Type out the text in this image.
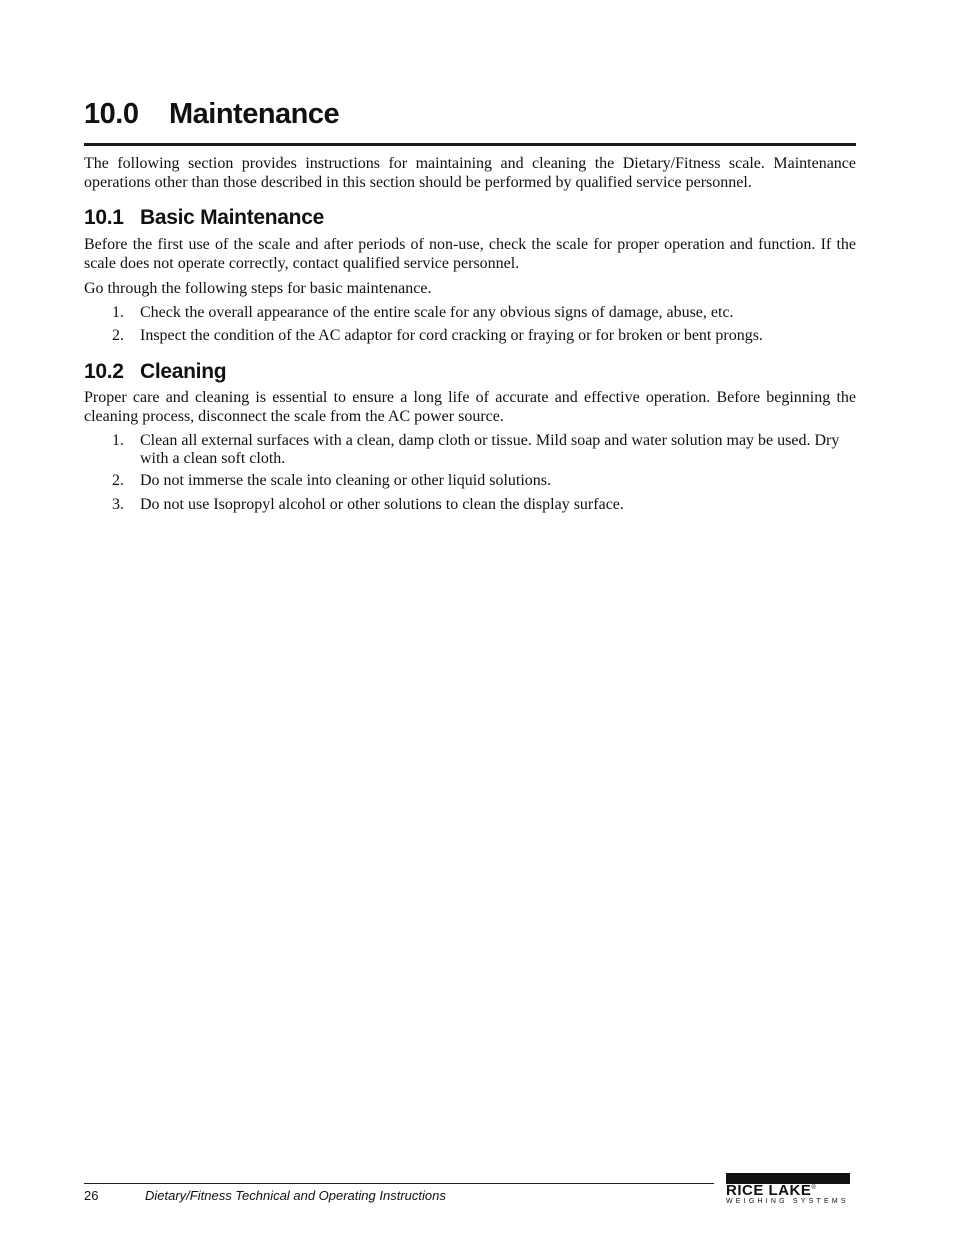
10.0	Maintenance
The following section provides instructions for maintaining and cleaning the Dietary/Fitness scale. Maintenance operations other than those described in this section should be performed by qualified service personnel.
10.1 Basic Maintenance
Before the first use of the scale and after periods of non-use, check the scale for proper operation and function. If the scale does not operate correctly, contact qualified service personnel.
Go through the following steps for basic maintenance.
1.	Check the overall appearance of the entire scale for any obvious signs of damage, abuse, etc.
2.	Inspect the condition of the AC adaptor for cord cracking or fraying or for broken or bent prongs.
10.2 Cleaning
Proper care and cleaning is essential to ensure a long life of accurate and effective operation. Before beginning the cleaning process, disconnect the scale from the AC power source.
1.	Clean all external surfaces with a clean, damp cloth or tissue. Mild soap and water solution may be used. Dry with a clean soft cloth.
2.	Do not immerse the scale into cleaning or other liquid solutions.
3.	Do not use Isopropyl alcohol or other solutions to clean the display surface.
26	Dietary/Fitness Technical and Operating Instructions	RICE LAKE®
WEIGHING SYSTEMS
